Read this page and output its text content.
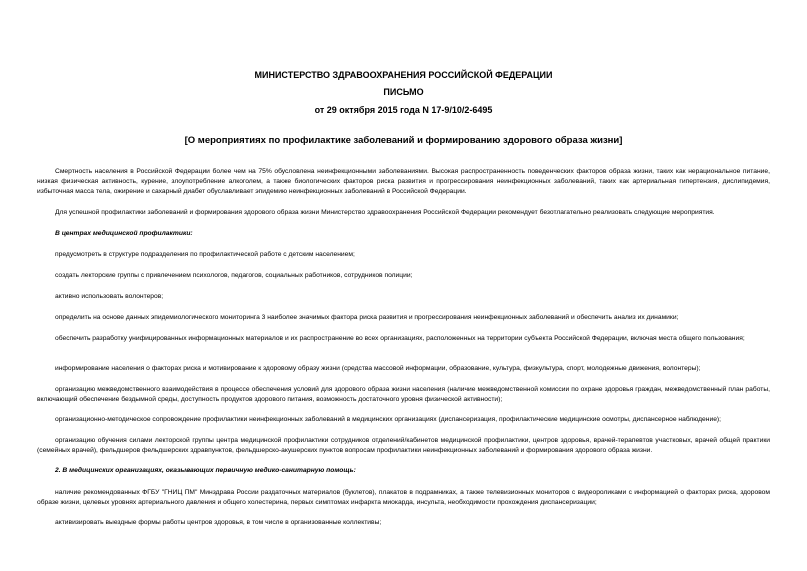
МИНИСТЕРСТВО ЗДРАВООХРАНЕНИЯ РОССИЙСКОЙ ФЕДЕРАЦИИ
ПИСЬМО
от 29 октября 2015 года N 17-9/10/2-6495
[О мероприятиях по профилактике заболеваний и формированию здорового образа жизни]
Смертность населения в Российской Федерации более чем на 75% обусловлена неинфекционными заболеваниями. Высокая распространенность поведенческих факторов образа жизни, таких как нерациональное питание, низкая физическая активность, курение, злоупотребление алкоголем, а также биологических факторов риска развития и прогрессирования неинфекционных заболеваний, таких как артериальная гипертензия, дислипидемия, избыточная масса тела, ожирение и сахарный диабет обуславливает эпидемию неинфекционных заболеваний в Российской Федерации.
Для успешной профилактики заболеваний и формирования здорового образа жизни Министерство здравоохранения Российской Федерации рекомендует безотлагательно реализовать следующие мероприятия.
В центрах медицинской профилактики:
предусмотреть в структуре подразделения по профилактической работе с детским населением;
создать лекторские группы с привлечением психологов, педагогов, социальных работников, сотрудников полиции;
активно использовать волонтеров;
определить на основе данных эпидемиологического мониторинга 3 наиболее значимых фактора риска развития и прогрессирования неинфекционных заболеваний и обеспечить анализ их динамики;
обеспечить разработку унифицированных информационных материалов и их распространение во всех организациях, расположенных на территории субъекта Российской Федерации, включая места общего пользования;
информирование населения о факторах риска и мотивирование к здоровому образу жизни (средства массовой информации, образование, культура, физкультура, спорт, молодежные движения, волонтеры);
организацию межведомственного взаимодействия в процессе обеспечения условий для здорового образа жизни населения (наличие межведомственной комиссии по охране здоровья граждан, межведомственный план работы, включающий обеспечение бездымной среды, доступность продуктов здорового питания, возможность достаточного уровня физической активности);
организационно-методическое сопровождение профилактики неинфекционных заболеваний в медицинских организациях (диспансеризация, профилактические медицинские осмотры, диспансерное наблюдение);
организацию обучения силами лекторской группы центра медицинской профилактики сотрудников отделений/кабинетов медицинской профилактики, центров здоровья, врачей-терапевтов участковых, врачей общей практики (семейных врачей), фельдшеров фельдшерских здравпунктов, фельдшерско-акушерских пунктов вопросам профилактики неинфекционных заболеваний и формирования здорового образа жизни.
2. В медицинских организациях, оказывающих первичную медико-санитарную помощь:
наличие рекомендованных ФГБУ "ГНИЦ ПМ" Минздрава России раздаточных материалов (буклетов), плакатов в подрамниках, а также телевизионных мониторов с видеороликами с информацией о факторах риска, здоровом образе жизни, целевых уровнях артериального давления и общего холестерина, первых симптомах инфаркта миокарда, инсульта, необходимости прохождения диспансеризации;
активизировать выездные формы работы центров здоровья, в том числе в организованные коллективы;
